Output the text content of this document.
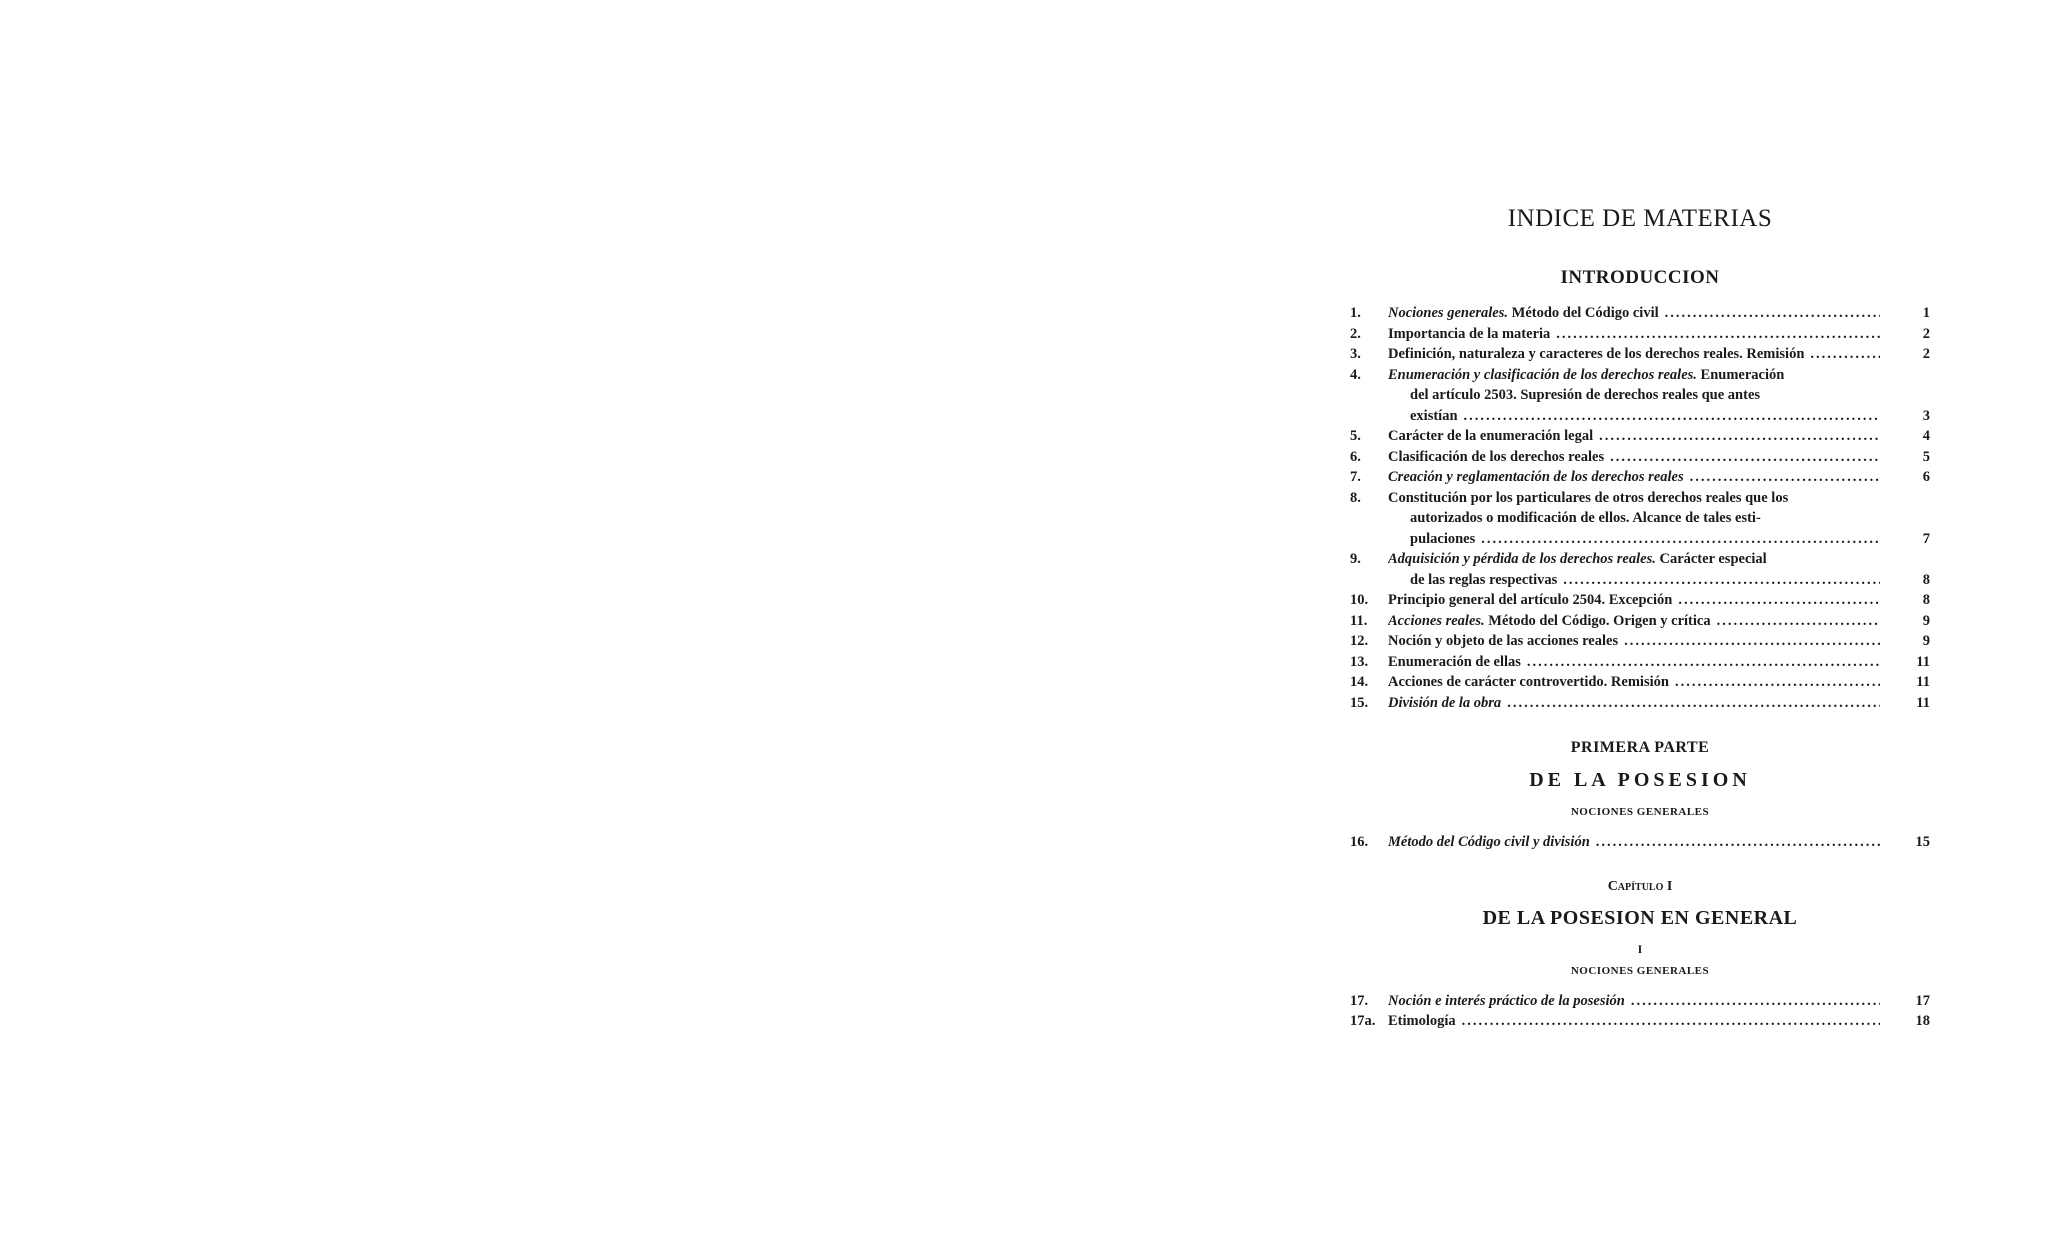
INDICE DE MATERIAS
INTRODUCCION
1.	Nociones generales. Método del Código civil .....	1
2.	Importancia de la materia .....	2
3.	Definición, naturaleza y caracteres de los derechos reales. Remisión .....	2
4.	Enumeración y clasificación de los derechos reales. Enumeración
del artículo 2503. Supresión de derechos reales que antes
existían .....	3
5.	Carácter de la enumeración legal .....	4
6.	Clasificación de los derechos reales .....	5
7.	Creación y reglamentación de los derechos reales .....	6
8.	Constitución por los particulares de otros derechos reales que los
autorizados o modificación de ellos. Alcance de tales esti-
pulaciones .....	7
9.	Adquisición y pérdida de los derechos reales. Carácter especial
de las reglas respectivas .....	8
10.	Principio general del artículo 2504. Excepción .....	8
11.	Acciones reales. Método del Código. Origen y crítica .....	9
12.	Noción y objeto de las acciones reales .....	9
13.	Enumeración de ellas .....	11
14.	Acciones de carácter controvertido. Remisión .....	11
15.	División de la obra .....	11
PRIMERA PARTE
DE LA POSESION
NOCIONES GENERALES
16.	Método del Código civil y división .....	15
Capítulo I
DE LA POSESION EN GENERAL
I
NOCIONES GENERALES
17.	Noción e interés práctico de la posesión .....	17
17a. Etimología .....	18
